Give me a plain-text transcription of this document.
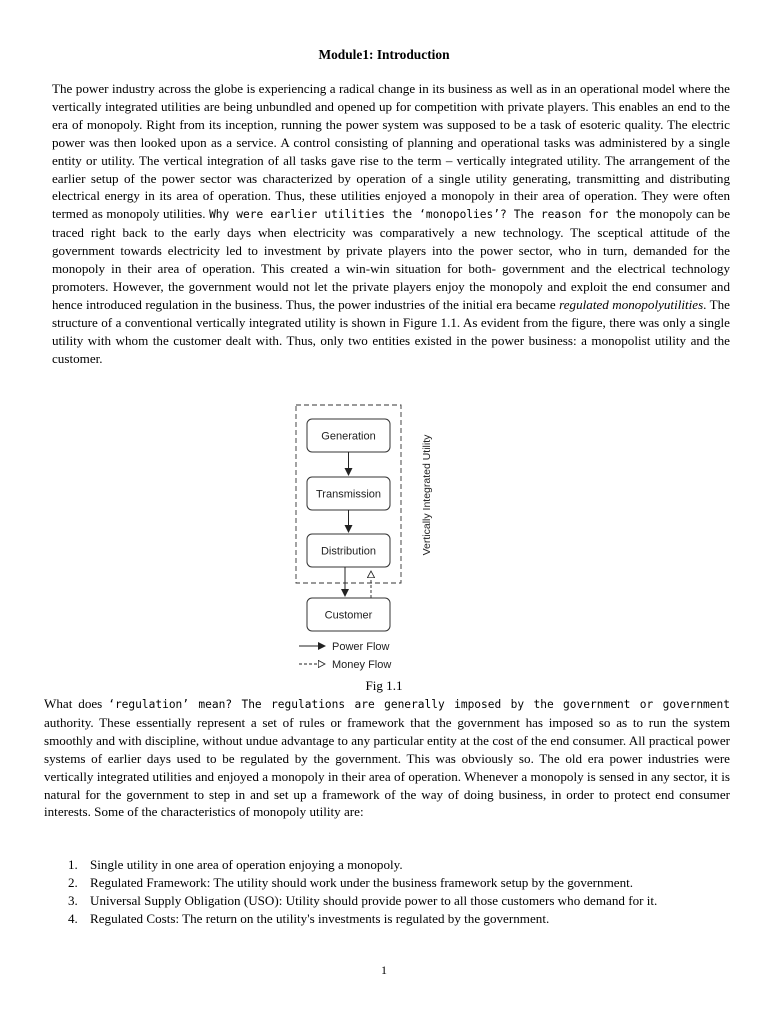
Module1: Introduction
The power industry across the globe is experiencing a radical change in its business as well as in an operational model where the vertically integrated utilities are being unbundled and opened up for competition with private players. This enables an end to the era of monopoly. Right from its inception, running the power system was supposed to be a task of esoteric quality. The electric power was then looked upon as a service. A control consisting of planning and operational tasks was administered by a single entity or utility. The vertical integration of all tasks gave rise to the term – vertically integrated utility. The arrangement of the earlier setup of the power sector was characterized by operation of a single utility generating, transmitting and distributing electrical energy in its area of operation. Thus, these utilities enjoyed a monopoly in their area of operation. They were often termed as monopoly utilities. Why were earlier utilities the ‘monopolies’? The reason for the monopoly can be traced right back to the early days when electricity was comparatively a new technology. The sceptical attitude of the government towards electricity led to investment by private players into the power sector, who in turn, demanded for the monopoly in their area of operation. This created a win-win situation for both- government and the electrical technology promoters. However, the government would not let the private players enjoy the monopoly and exploit the end consumer and hence introduced regulation in the business. Thus, the power industries of the initial era became regulated monopolyutilities. The structure of a conventional vertically integrated utility is shown in Figure 1.1. As evident from the figure, there was only a single utility with whom the customer dealt with. Thus, only two entities existed in the power business: a monopolist utility and the customer.
Generation
Transmission
Distribution
Customer
Vertically Integrated Utility
Power Flow
Money Flow
Fig 1.1
What does ‘regulation’ mean? The regulations are generally imposed by the government or government authority. These essentially represent a set of rules or framework that the government has imposed so as to run the system smoothly and with discipline, without undue advantage to any particular entity at the cost of the end consumer. All practical power systems of earlier days used to be regulated by the government. This was obviously so. The old era power industries were vertically integrated utilities and enjoyed a monopoly in their area of operation. Whenever a monopoly is sensed in any sector, it is natural for the government to step in and set up a framework of the way of doing business, in order to protect end consumer interests. Some of the characteristics of monopoly utility are:
1. Single utility in one area of operation enjoying a monopoly.
2. Regulated Framework: The utility should work under the business framework setup by the government.
3. Universal Supply Obligation (USO): Utility should provide power to all those customers who demand for it.
4. Regulated Costs: The return on the utility's investments is regulated by the government.
1
